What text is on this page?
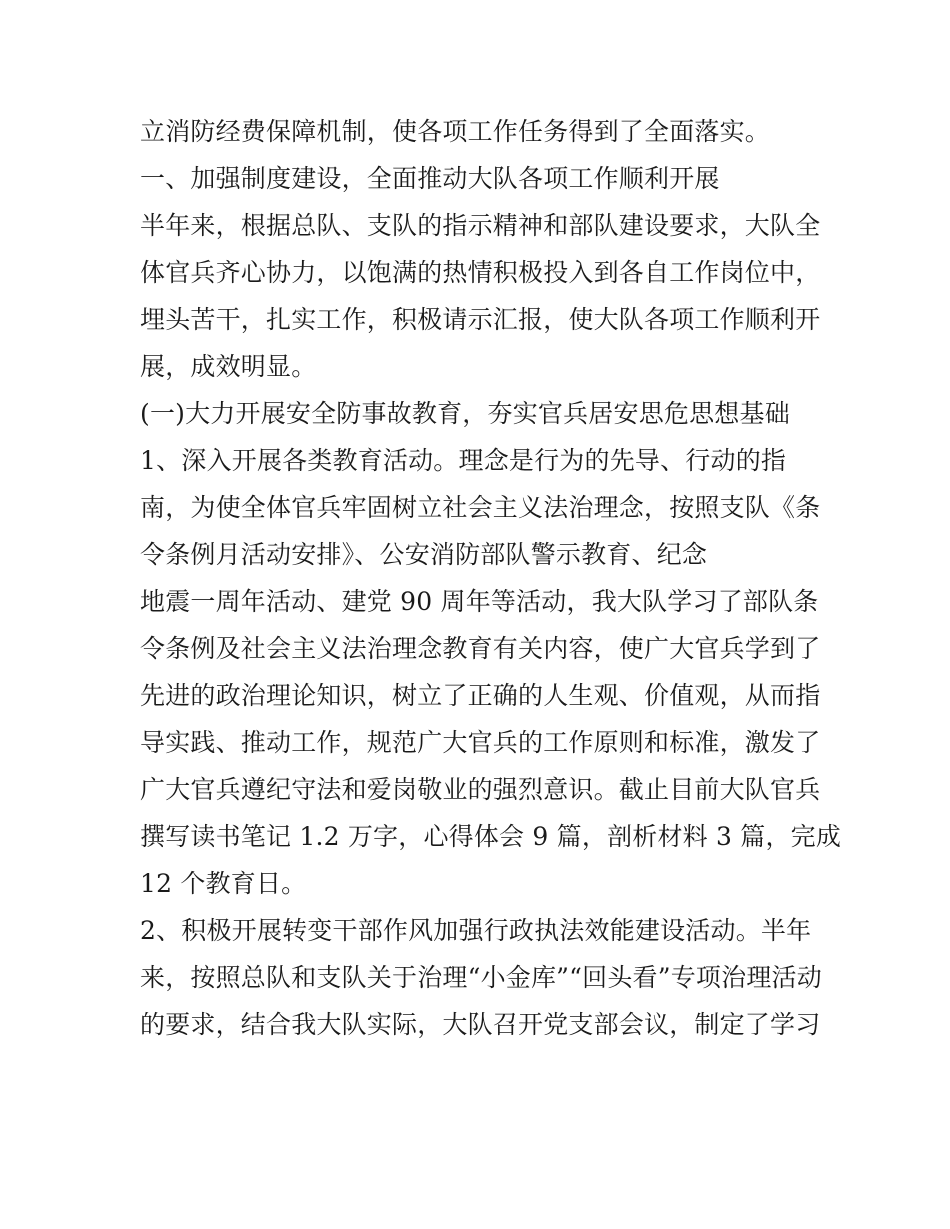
立消防经费保障机制，使各项工作任务得到了全面落实。
一、加强制度建设，全面推动大队各项工作顺利开展
半年来，根据总队、支队的指示精神和部队建设要求，大队全
体官兵齐心协力，以饱满的热情积极投入到各自工作岗位中，
埋头苦干，扎实工作，积极请示汇报，使大队各项工作顺利开
展，成效明显。
(一)大力开展安全防事故教育，夯实官兵居安思危思想基础
1、深入开展各类教育活动。理念是行为的先导、行动的指
南，为使全体官兵牢固树立社会主义法治理念，按照支队《条
令条例月活动安排》、公安消防部队警示教育、纪念
地震一周年活动、建党 90 周年等活动，我大队学习了部队条
令条例及社会主义法治理念教育有关内容，使广大官兵学到了
先进的政治理论知识，树立了正确的人生观、价值观，从而指
导实践、推动工作，规范广大官兵的工作原则和标准，激发了
广大官兵遵纪守法和爱岗敬业的强烈意识。截止目前大队官兵
撰写读书笔记 1.2 万字，心得体会 9 篇，剖析材料 3 篇，完成
12 个教育日。
2、积极开展转变干部作风加强行政执法效能建设活动。半年
来，按照总队和支队关于治理“小金库”“回头看”专项治理活动
的要求，结合我大队实际，大队召开党支部会议，制定了学习
